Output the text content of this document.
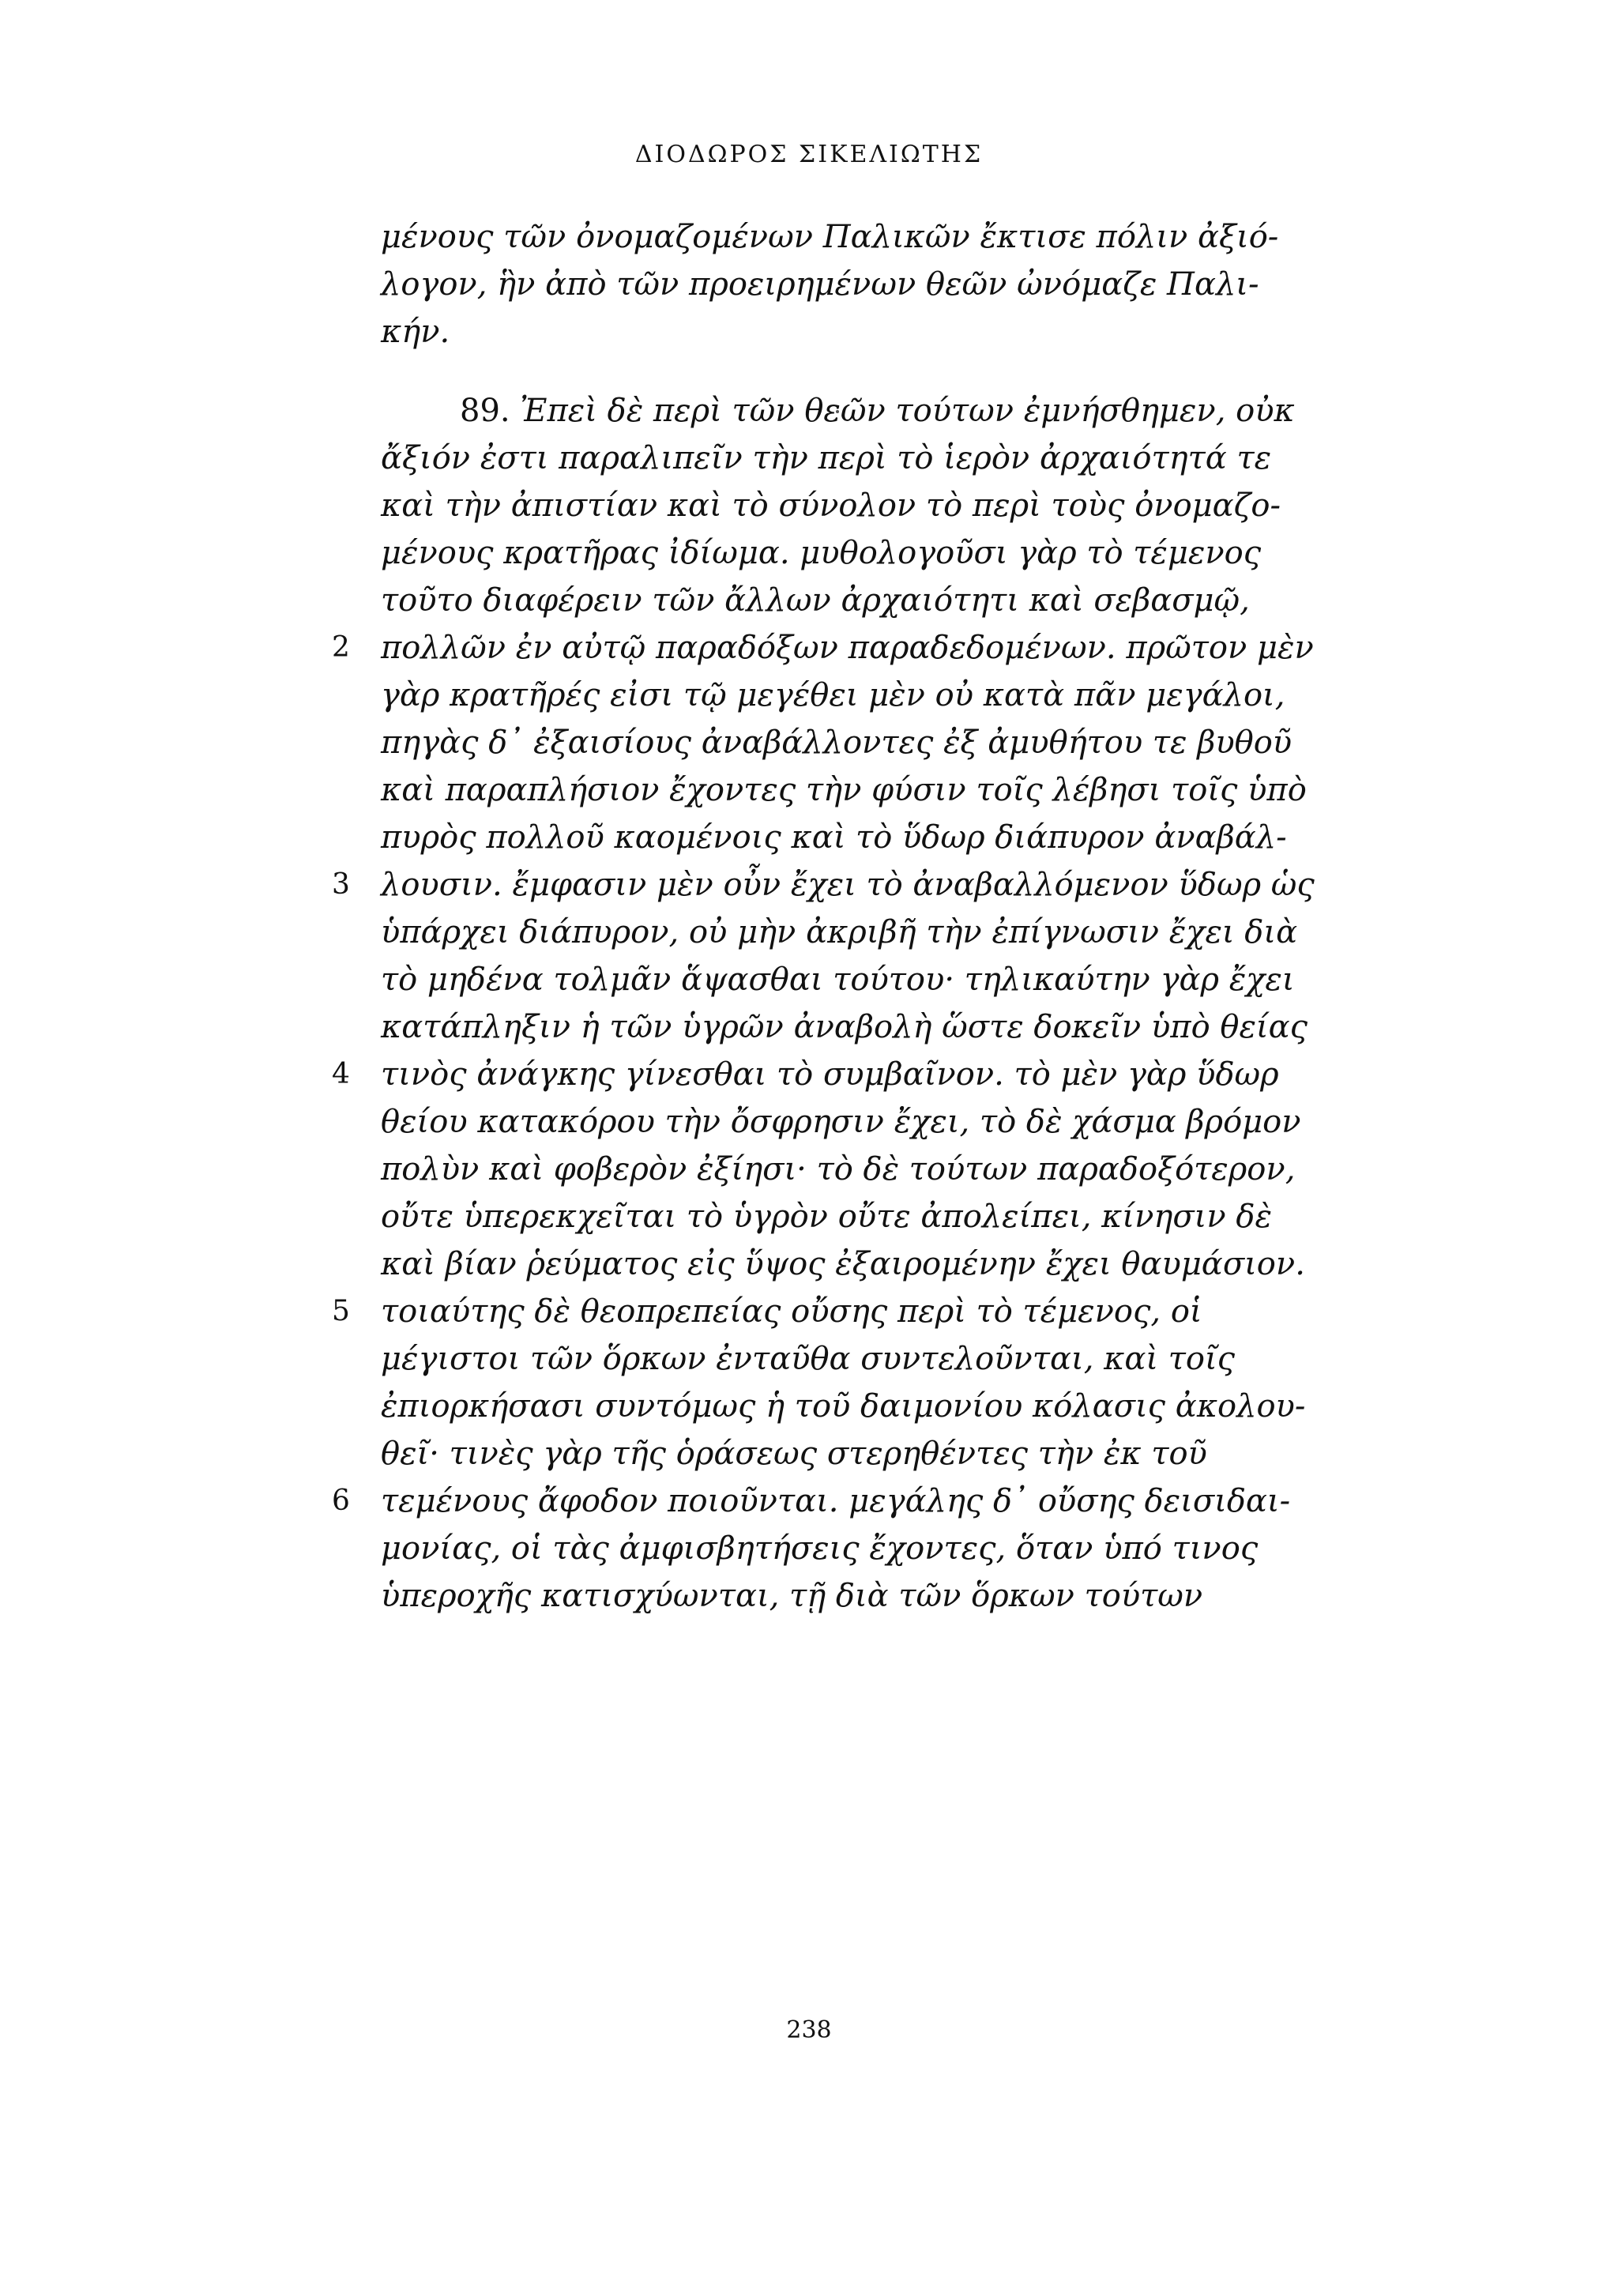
ΔΙΟΔΩΡΟΣ ΣΙΚΕΛΙΩΤΗΣ
μένους τῶν ὀνομαζομένων Παλικῶν ἔκτισε πόλιν ἀξιό-
λογον, ἣν ἀπὸ τῶν προειρημένων θεῶν ὠνόμαζε Παλι-
κήν.
89. Ἐπεὶ δὲ περὶ τῶν θεῶν τούτων ἐμνήσθημεν, οὐκ
ἄξιόν ἐστι παραλιπεῖν τὴν περὶ τὸ ἱερὸν ἀρχαιότητά τε
καὶ τὴν ἀπιστίαν καὶ τὸ σύνολον τὸ περὶ τοὺς ὀνομαζο-
μένους κρατῆρας ἰδίωμα. μυθολογοῦσι γὰρ τὸ τέμενος
τοῦτο διαφέρειν τῶν ἄλλων ἀρχαιότητι καὶ σεβασμῷ,
2 πολλῶν ἐν αὐτῷ παραδόξων παραδεδομένων. πρῶτον μὲν
γὰρ κρατῆρές εἰσι τῷ μεγέθει μὲν οὐ κατὰ πᾶν μεγάλοι,
πηγὰς δ᾽ ἐξαισίους ἀναβάλλοντες ἐξ ἀμυθήτου τε βυθοῦ
καὶ παραπλήσιον ἔχοντες τὴν φύσιν τοῖς λέβησι τοῖς ὑπὸ
πυρὸς πολλοῦ καομένοις καὶ τὸ ὕδωρ διάπυρον ἀναβάλ-
3 λουσιν. ἔμφασιν μὲν οὖν ἔχει τὸ ἀναβαλλόμενον ὕδωρ ὡς
ὑπάρχει διάπυρον, οὐ μὴν ἀκριβῆ τὴν ἐπίγνωσιν ἔχει διὰ
τὸ μηδένα τολμᾶν ἅψασθαι τούτου· τηλικαύτην γὰρ ἔχει
κατάπληξιν ἡ τῶν ὑγρῶν ἀναβολὴ ὥστε δοκεῖν ὑπὸ θείας
4 τινὸς ἀνάγκης γίνεσθαι τὸ συμβαῖνον. τὸ μὲν γὰρ ὕδωρ
θείου κατακόρου τὴν ὄσφρησιν ἔχει, τὸ δὲ χάσμα βρόμον
πολὺν καὶ φοβερὸν ἐξίησι· τὸ δὲ τούτων παραδοξότερον,
οὔτε ὑπερεκχεῖται τὸ ὑγρὸν οὔτε ἀπολείπει, κίνησιν δὲ
καὶ βίαν ῥεύματος εἰς ὕψος ἐξαιρομένην ἔχει θαυμάσιον.
5 τοιαύτης δὲ θεοπρεπείας οὔσης περὶ τὸ τέμενος, οἱ
μέγιστοι τῶν ὅρκων ἐνταῦθα συντελοῦνται, καὶ τοῖς
ἐπιορκήσασι συντόμως ἡ τοῦ δαιμονίου κόλασις ἀκολου-
θεῖ· τινὲς γὰρ τῆς ὁράσεως στερηθέντες τὴν ἐκ τοῦ
6 τεμένους ἄφοδον ποιοῦνται. μεγάλης δ᾽ οὔσης δεισιδαι-
μονίας, οἱ τὰς ἀμφισβητήσεις ἔχοντες, ὅταν ὑπό τινος
ὑπεροχῆς κατισχύωνται, τῇ διὰ τῶν ὅρκων τούτων
238
